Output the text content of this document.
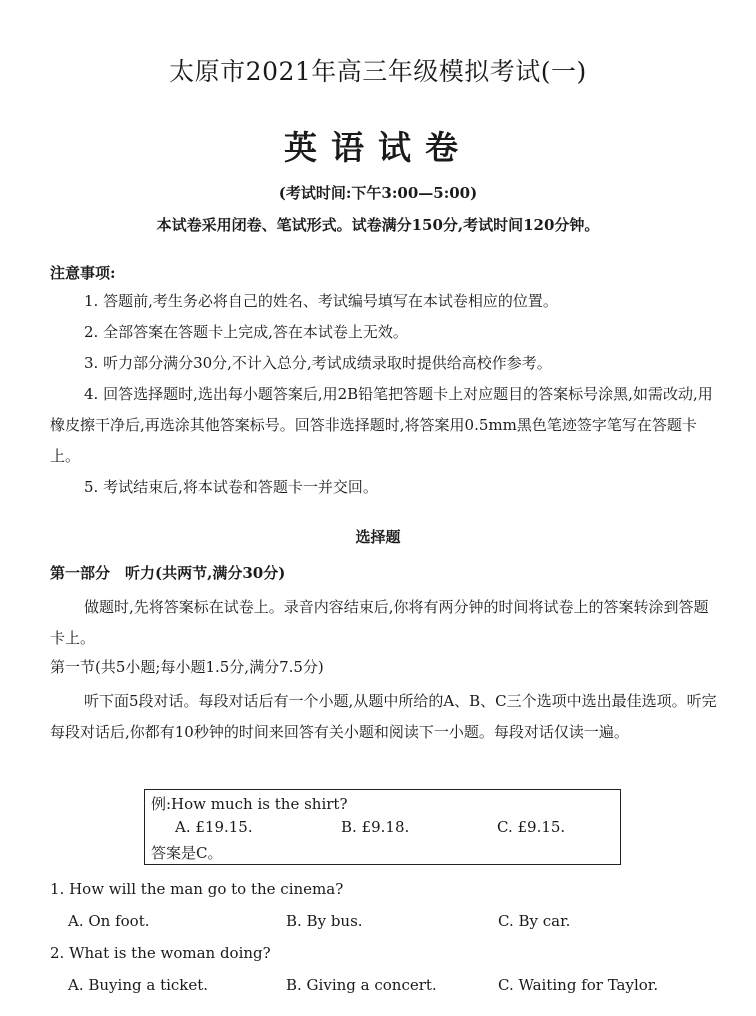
太原市2021年高三年级模拟考试(一)
英语试卷
(考试时间:下午3:00—5:00)
本试卷采用闭卷、笔试形式。试卷满分150分,考试时间120分钟。
注意事项:
1. 答题前,考生务必将自己的姓名、考试编号填写在本试卷相应的位置。
2. 全部答案在答题卡上完成,答在本试卷上无效。
3. 听力部分满分30分,不计入总分,考试成绩录取时提供给高校作参考。
4. 回答选择题时,选出每小题答案后,用2B铅笔把答题卡上对应题目的答案标号涂黑,如需改动,用橡皮擦干净后,再选涂其他答案标号。回答非选择题时,将答案用0.5mm黑色笔迹签字笔写在答题卡上。
5. 考试结束后,将本试卷和答题卡一并交回。
选择题
第一部分　听力(共两节,满分30分)

做题时,先将答案标在试卷上。录音内容结束后,你将有两分钟的时间将试卷上的答案转涂到答题卡上。

第一节(共5小题;每小题1.5分,满分7.5分)

听下面5段对话。每段对话后有一个小题,从题中所给的A、B、C三个选项中选出最佳选项。听完每段对话后,你都有10秒钟的时间来回答有关小题和阅读下一小题。每段对话仅读一遍。

例:How much is the shirt?
A. £19.15.	B. £9.18.	C. £9.15.
答案是C。
1. How will the man go to the cinema?
A. On foot.	B. By bus.	C. By car.
2. What is the woman doing?
A. Buying a ticket.	B. Giving a concert.	C. Waiting for Taylor.
